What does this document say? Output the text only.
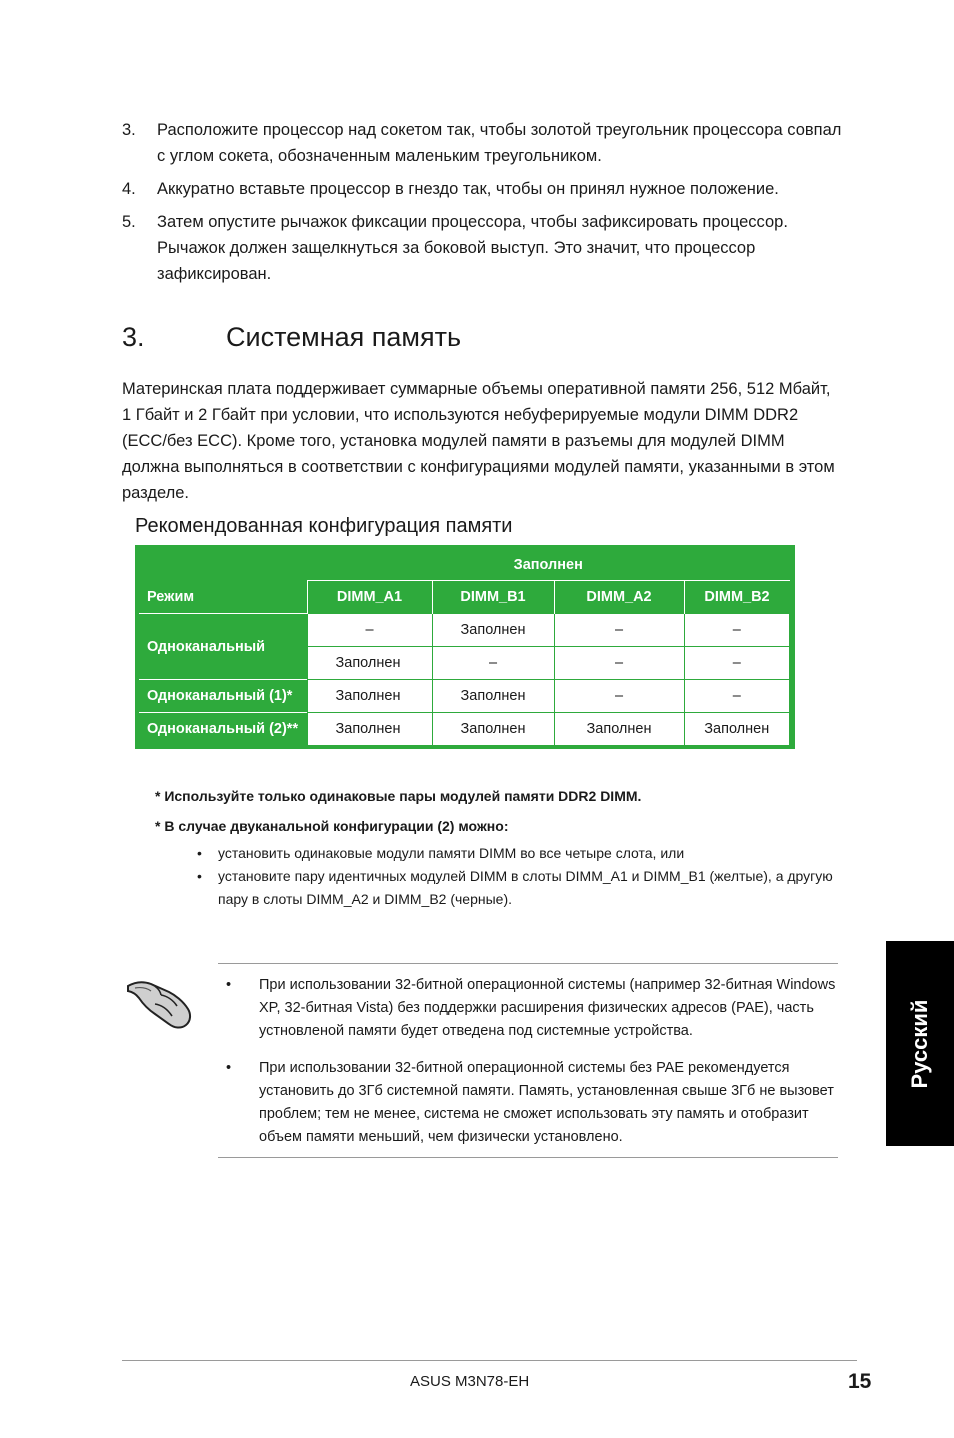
3.	Расположите процессор над сокетом так, чтобы золотой треугольник процессора совпал с углом сокета, обозначенным маленьким треугольником.
4.	Аккуратно вставьте процессор в гнездо так, чтобы он принял нужное положение.
5.	Затем опустите рычажок фиксации процессора, чтобы зафиксировать процессор. Рычажок должен защелкнуться за боковой выступ. Это значит, что процессор зафиксирован.
3.	Системная память
Материнская плата поддерживает суммарные объемы оперативной памяти 256, 512 Мбайт, 1 Гбайт и 2 Гбайт при условии, что используются небуферируемые модули DIMM DDR2 (ECC/без ECC). Кроме того, установка модулей памяти в разъемы для модулей DIMM должна выполняться в соответствии с конфигурациями модулей памяти, указанными в этом разделе.
Рекомендованная конфигурация памяти
	Заполнен			
Режим	DIMM_A1	DIMM_B1	DIMM_A2	DIMM_B2
Одноканальный	–	Заполнен	–	–
	Заполнен	–	–	–
Одноканальный (1)*	Заполнен	Заполнен	–	–
Одноканальный (2)**	Заполнен	Заполнен	Заполнен	Заполнен
* Используйте только одинаковые пары модулей памяти DDR2 DIMM.
* В случае двуканальной конфигурации (2) можно:
• установить одинаковые модули памяти DIMM во все четыре слота, или
• установите пару идентичных модулей DIMM в слоты DIMM_A1 и DIMM_B1 (желтые), а другую пару в слоты DIMM_A2 и DIMM_B2 (черные).
• При использовании 32-битной операционной системы (например 32-битная Windows XP, 32-битная Vista) без поддержки расширения физических адресов (PAE), часть устновленой памяти будет отведена под системные устройства.
• При использовании 32-битной операционной системы без PAE рекомендуется установить до 3Гб системной памяти. Память, установленная свыше 3Гб не вызовет проблем; тем не менее, система не сможет использовать эту память и отобразит объем памяти меньший, чем физически установлено.
Русский
ASUS M3N78-EH	15
